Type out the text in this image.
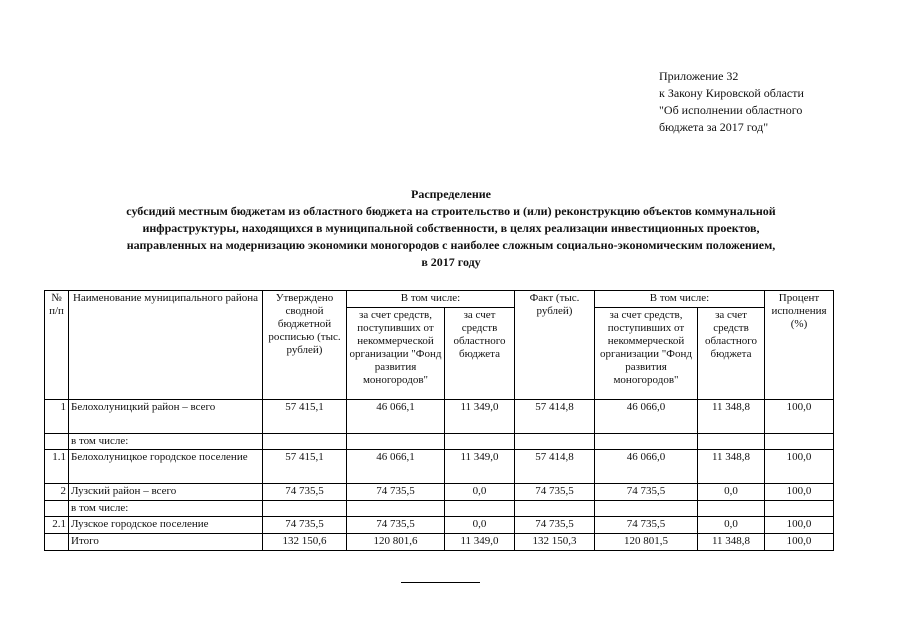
Приложение 32
к Закону Кировской области
"Об исполнении областного
бюджета за 2017 год"
Распределение
субсидий местным бюджетам из областного бюджета на строительство и (или) реконструкцию объектов коммунальной
инфраструктуры, находящихся в муниципальной собственности, в целях реализации инвестиционных проектов,
направленных на модернизацию экономики моногородов с наиболее сложным социально-экономическим положением,
в 2017 году
№ п/п	Наименование муниципального района	Утверждено сводной бюджетной росписью (тыс. рублей)	В том числе:		Факт (тыс. рублей)	В том числе:		Процент исполнения (%)
			за счет средств, поступивших от некоммерческой организации "Фонд развития моногородов"	за счет средств областного бюджета		за счет средств, поступивших от некоммерческой организации "Фонд развития моногородов"	за счет средств областного бюджета	
1	Белохолуницкий район – всего	57 415,1	46 066,1	11 349,0	57 414,8	46 066,0	11 348,8	100,0
	в том числе:							
1.1	Белохолуницкое городское поселение	57 415,1	46 066,1	11 349,0	57 414,8	46 066,0	11 348,8	100,0
2	Лузский район – всего	74 735,5	74 735,5	0,0	74 735,5	74 735,5	0,0	100,0
	в том числе:							
2.1	Лузское городское поселение	74 735,5	74 735,5	0,0	74 735,5	74 735,5	0,0	100,0
	Итого	132 150,6	120 801,6	11 349,0	132 150,3	120 801,5	11 348,8	100,0
